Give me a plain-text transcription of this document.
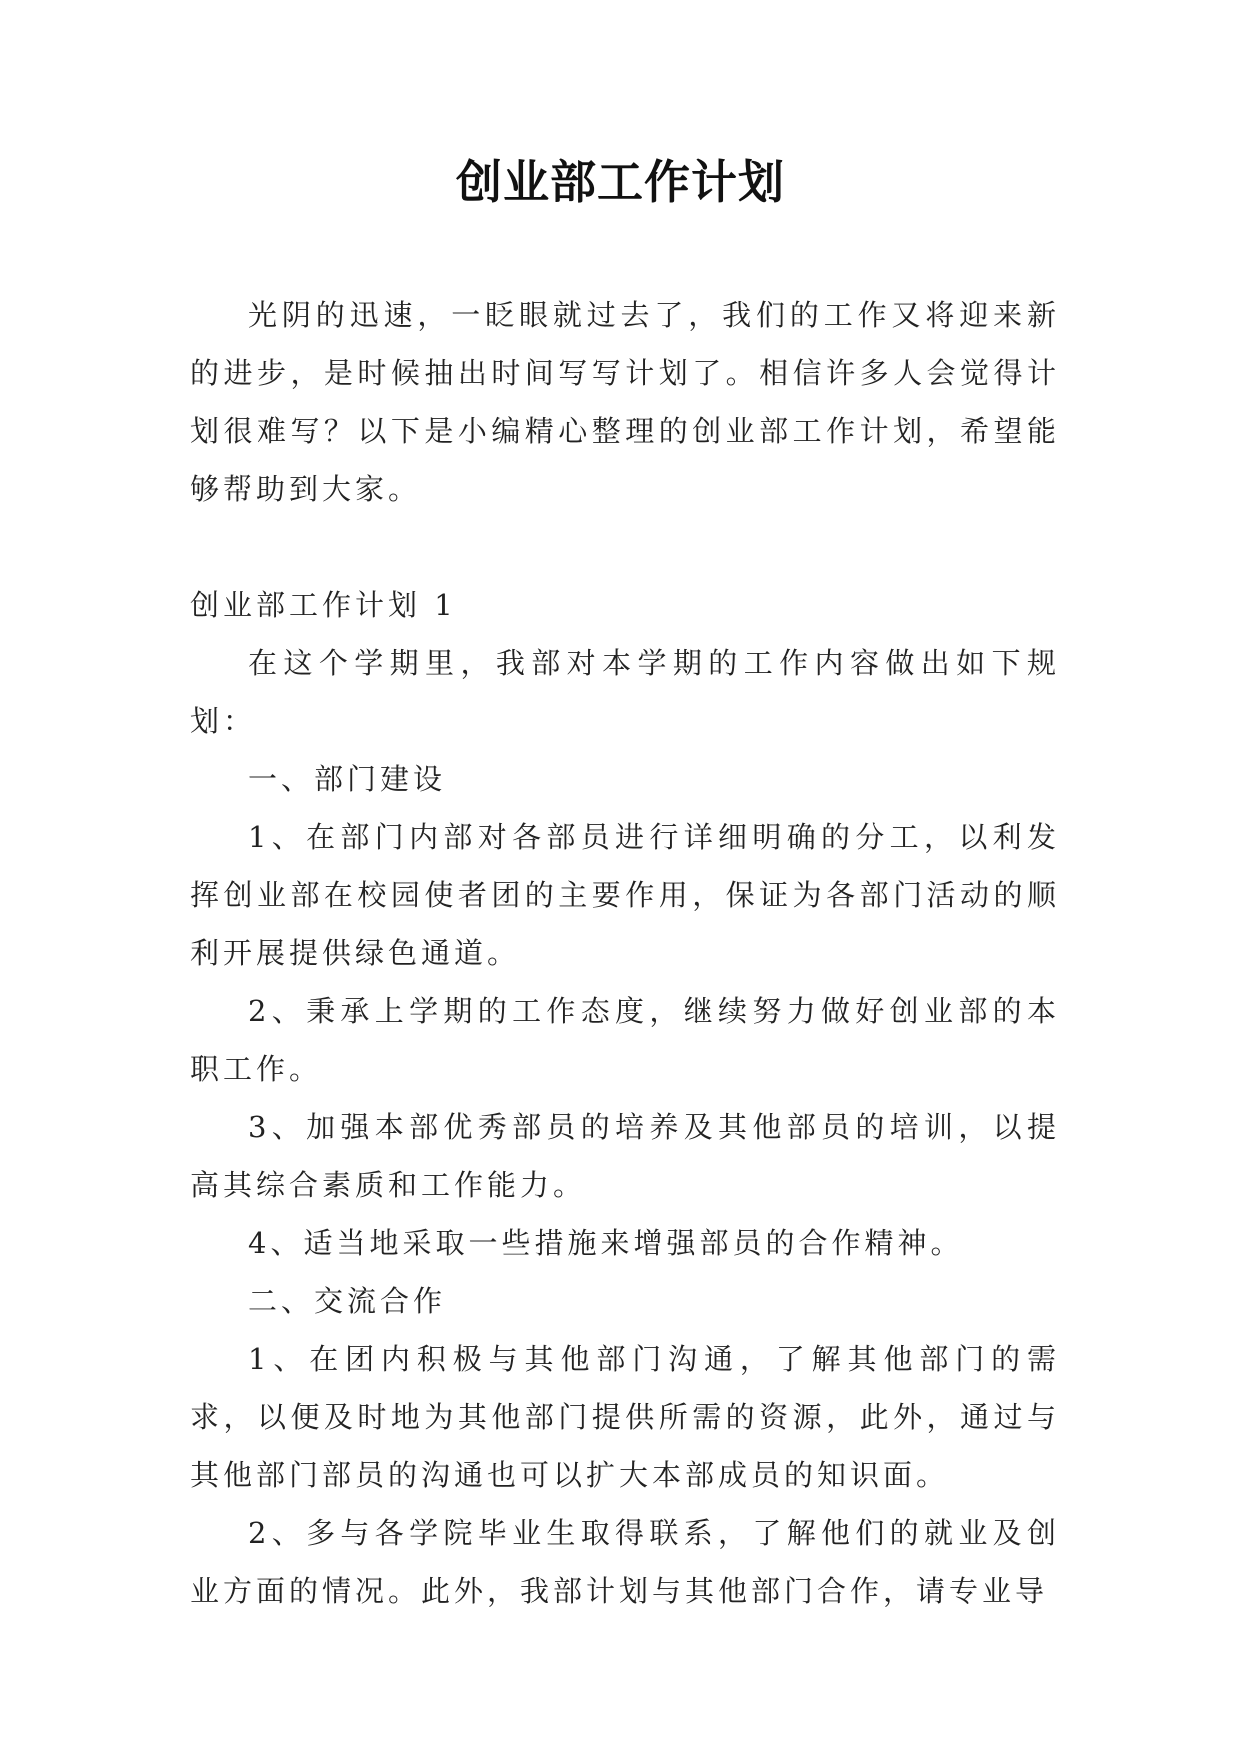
创业部工作计划

光阴的迅速，一眨眼就过去了，我们的工作又将迎来新的进步，是时候抽出时间写写计划了。相信许多人会觉得计划很难写？以下是小编精心整理的创业部工作计划，希望能够帮助到大家。

创业部工作计划 1

在这个学期里，我部对本学期的工作内容做出如下规划：

一、部门建设

1、在部门内部对各部员进行详细明确的分工，以利发挥创业部在校园使者团的主要作用，保证为各部门活动的顺利开展提供绿色通道。

2、秉承上学期的工作态度，继续努力做好创业部的本职工作。

3、加强本部优秀部员的培养及其他部员的培训，以提高其综合素质和工作能力。

4、适当地采取一些措施来增强部员的合作精神。

二、交流合作

1、在团内积极与其他部门沟通，了解其他部门的需求，以便及时地为其他部门提供所需的资源，此外，通过与其他部门部员的沟通也可以扩大本部成员的知识面。

2、多与各学院毕业生取得联系，了解他们的就业及创业方面的情况。此外，我部计划与其他部门合作，请专业导
